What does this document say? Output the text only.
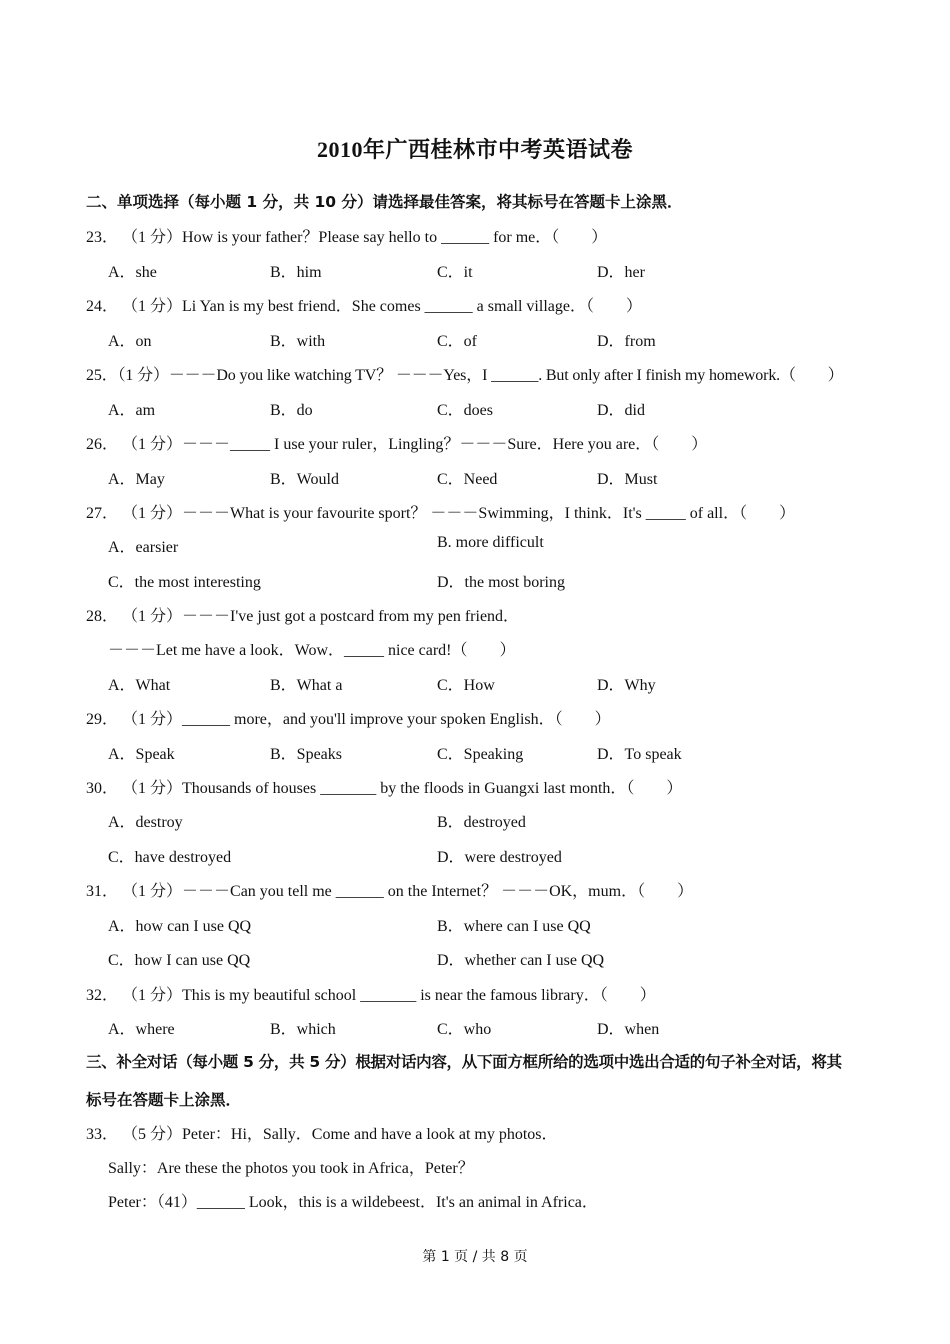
2010年广西桂林市中考英语试卷
二、单项选择（每小题 1 分，共 10 分）请选择最佳答案，将其标号在答题卡上涂黑．
23． （1 分）How is your father？Please say hello to ______ for me．（　　）
A．she	B．him	C．it	D．her
24． （1 分）Li Yan is my best friend．She comes ______ a small village．（　　）
A．on	B．with	C．of	D．from
25．（1 分）－－－Do you like watching TV？ －－－Yes，I ______. But only after I finish my homework.（　　）
A．am	B．do	C．does	D．did
26． （1 分）－－－_____ I use your ruler，Lingling？－－－Sure．Here you are．（　　）
A．May	B．Would	C．Need	D．Must
27． （1 分）－－－What is your favourite sport？ －－－Swimming，I think．It's _____ of all．（　　）
A．earsier	B. more difficult
C．the most interesting	D．the most boring
28． （1 分）－－－I've just got a postcard from my pen friend．
－－－Let me have a look．Wow．_____ nice card!（　　）
A．What	B．What a	C．How	D．Why
29． （1 分）______ more，and you'll improve your spoken English．（　　）
A．Speak	B．Speaks	C．Speaking	D．To speak
30． （1 分）Thousands of houses _______ by the floods in Guangxi last month．（　　）
A．destroy	B．destroyed
C．have destroyed	D．were destroyed
31． （1 分）－－－Can you tell me ______ on the Internet？ －－－OK，mum．（　　）
A．how can I use QQ	B．where can I use QQ
C．how I can use QQ	D．whether can I use QQ
32． （1 分）This is my beautiful school _______ is near the famous library．（　　）
A．where	B．which	C．who	D．when
三、补全对话（每小题 5 分，共 5 分）根据对话内容，从下面方框所给的选项中选出合适的句子补全对话，将其
标号在答题卡上涂黑．
33． （5 分）Peter：Hi，Sally．Come and have a look at my photos．
Sally：Are these the photos you took in Africa，Peter？
Peter：（41）______ Look，this is a wildebeest．It's an animal in Africa．
第 1 页 / 共 8 页
